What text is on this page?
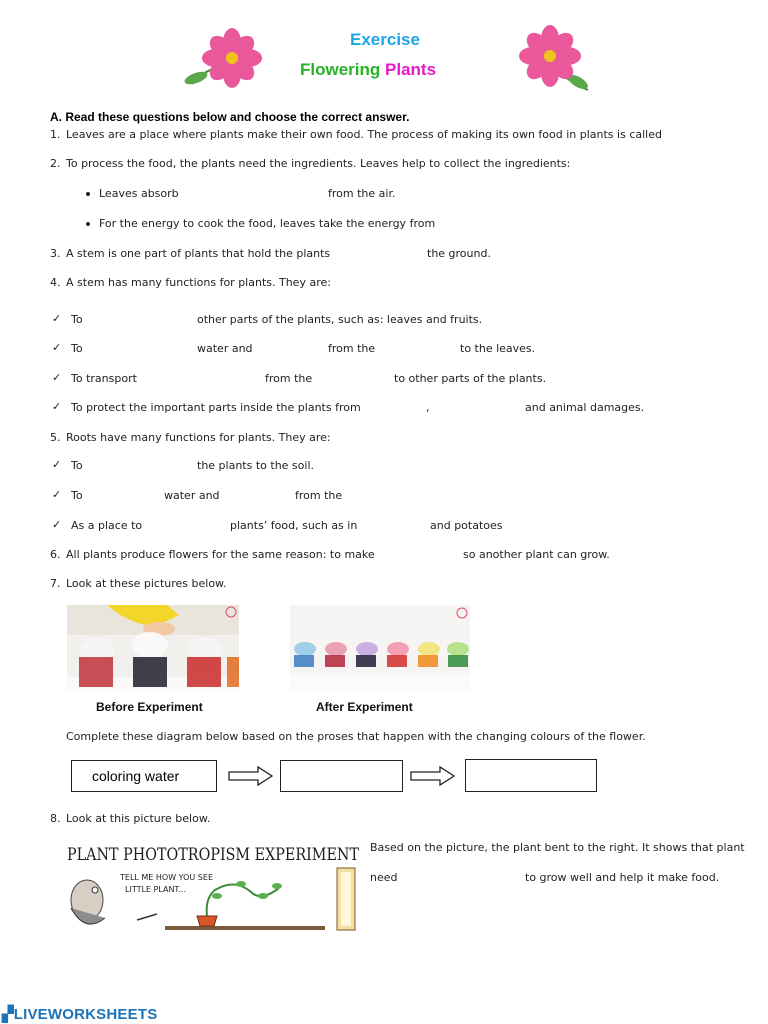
Exercise
Flowering Plants
A. Read these questions below and choose the correct answer.
1. Leaves are a place where plants make their own food. The process of making its own food in plants is called
2. To process the food, the plants need the ingredients. Leaves help to collect the ingredients:
Leaves absorb	from the air.
For the energy to cook the food, leaves take the energy from
3. A stem is one part of plants that hold the plants	the ground.
4. A stem has many functions for plants. They are:
✓ To	other parts of the plants, such as: leaves and fruits.
✓ To	water and	from the	to the leaves.
✓ To transport	from the	to other parts of the plants.
✓ To protect the important parts inside the plants from	,	and animal damages.
5. Roots have many functions for plants. They are:
✓ To	the plants to the soil.
✓ To	water and	from the
✓ As a place to	plants’ food, such as in	and potatoes
6. All plants produce flowers for the same reason: to make	so another plant can grow.
7. Look at these pictures below.
Before Experiment	After Experiment
Complete these diagram below based on the proses that happen with the changing colours of the flower.
coloring water
8. Look at this picture below.
PLANT PHOTOTROPISM EXPERIMENT
TELL ME HOW YOU SEE
LITTLE PLANT...
Based on the picture, the plant bent to the right. It shows that plant
need	to grow well and help it make food.
▞LIVEWORKSHEETS
